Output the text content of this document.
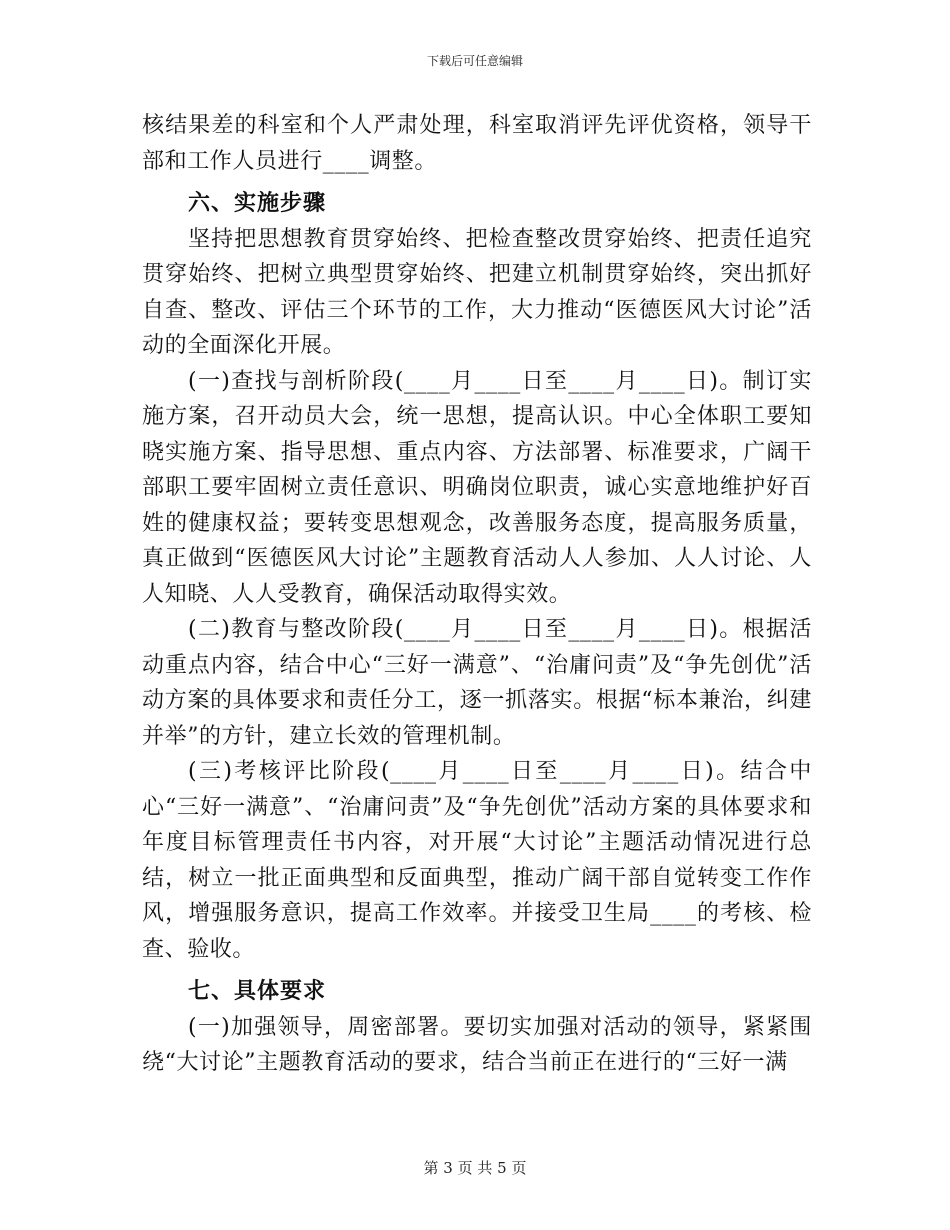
下载后可任意编辑

核结果差的科室和个人严肃处理，科室取消评先评优资格，领导干部和工作人员进行____调整。

六、实施步骤

坚持把思想教育贯穿始终、把检查整改贯穿始终、把责任追究贯穿始终、把树立典型贯穿始终、把建立机制贯穿始终，突出抓好自查、整改、评估三个环节的工作，大力推动“医德医风大讨论”活动的全面深化开展。

(一)查找与剖析阶段(____月____日至____月____日)。制订实施方案，召开动员大会，统一思想，提高认识。中心全体职工要知晓实施方案、指导思想、重点内容、方法部署、标准要求，广阔干部职工要牢固树立责任意识、明确岗位职责，诚心实意地维护好百姓的健康权益；要转变思想观念，改善服务态度，提高服务质量，真正做到“医德医风大讨论”主题教育活动人人参加、人人讨论、人人知晓、人人受教育，确保活动取得实效。

(二)教育与整改阶段(____月____日至____月____日)。根据活动重点内容，结合中心“三好一满意”、“治庸问责”及“争先创优”活动方案的具体要求和责任分工，逐一抓落实。根据“标本兼治，纠建并举”的方针，建立长效的管理机制。

(三)考核评比阶段(____月____日至____月____日)。结合中心“三好一满意”、“治庸问责”及“争先创优”活动方案的具体要求和年度目标管理责任书内容，对开展“大讨论”主题活动情况进行总结，树立一批正面典型和反面典型，推动广阔干部自觉转变工作作风，增强服务意识，提高工作效率。并接受卫生局____的考核、检查、验收。

七、具体要求

(一)加强领导，周密部署。要切实加强对活动的领导，紧紧围绕“大讨论”主题教育活动的要求，结合当前正在进行的“三好一满

第 3 页 共 5 页
